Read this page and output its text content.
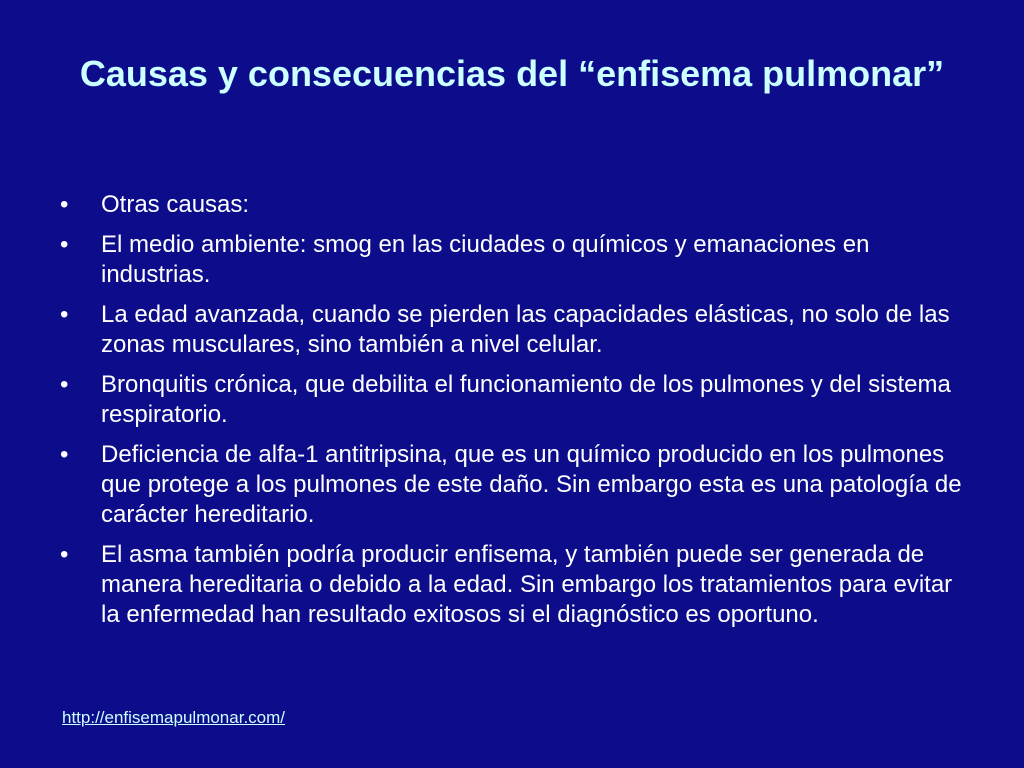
Causas y consecuencias del “enfisema pulmonar”
•	Otras causas:
•	El medio ambiente: smog en las ciudades o químicos y emanaciones en industrias.
•	La edad avanzada, cuando se pierden las capacidades elásticas, no solo de las zonas musculares, sino también a nivel celular.
•	Bronquitis crónica, que debilita el funcionamiento de los pulmones y del sistema respiratorio.
•	Deficiencia de alfa-1 antitripsina, que es un químico producido en los pulmones que protege a los pulmones de este daño. Sin embargo esta es una patología de carácter hereditario.
•	El asma también podría producir enfisema, y también puede ser generada de manera hereditaria o debido a la edad. Sin embargo los tratamientos para evitar la enfermedad han resultado exitosos si el diagnóstico es oportuno.
http://enfisemapulmonar.com/
